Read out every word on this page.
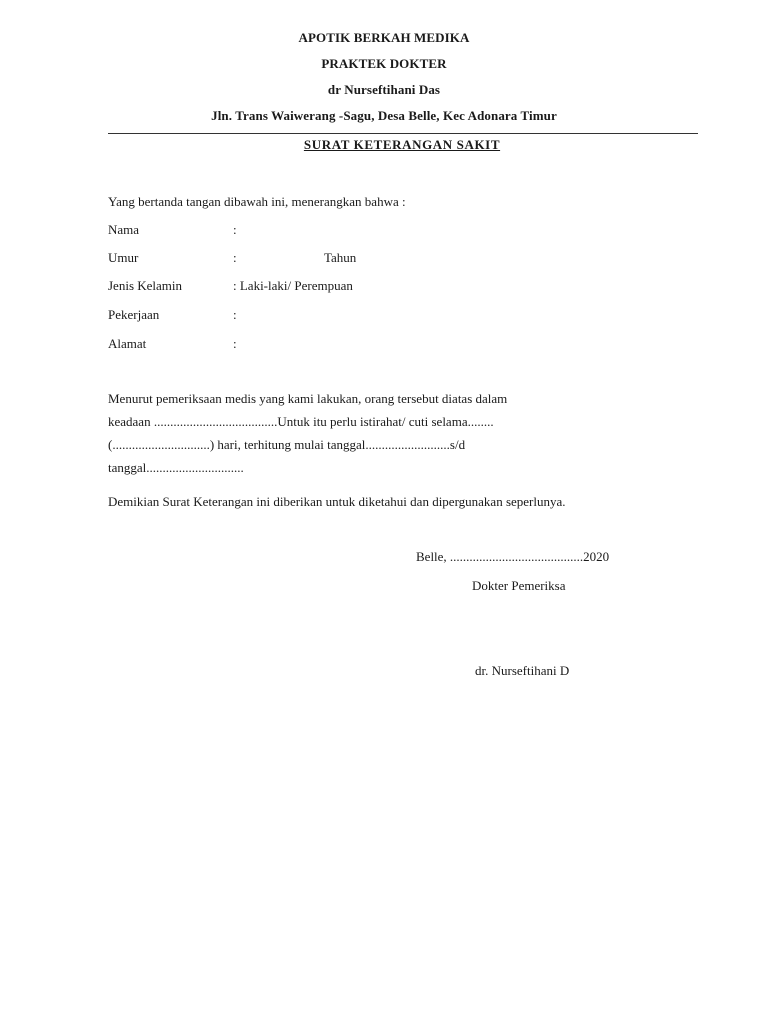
APOTIK BERKAH MEDIKA
PRAKTEK DOKTER
dr Nurseftihani Das
Jln. Trans Waiwerang -Sagu, Desa Belle, Kec Adonara Timur
SURAT KETERANGAN SAKIT
Yang bertanda tangan dibawah ini, menerangkan bahwa :
Nama	:
Umur	:	Tahun
Jenis Kelamin	: Laki-laki/ Perempuan
Pekerjaan	:
Alamat	:
Menurut pemeriksaan medis yang kami lakukan, orang tersebut diatas dalam
keadaan ......................................Untuk itu perlu istirahat/ cuti selama........
(..............................) hari, terhitung mulai tanggal..........................s/d
tanggal..............................
Demikian Surat Keterangan ini diberikan untuk diketahui dan dipergunakan seperlunya.
Belle, .........................................2020
Dokter Pemeriksa
dr. Nurseftihani D
